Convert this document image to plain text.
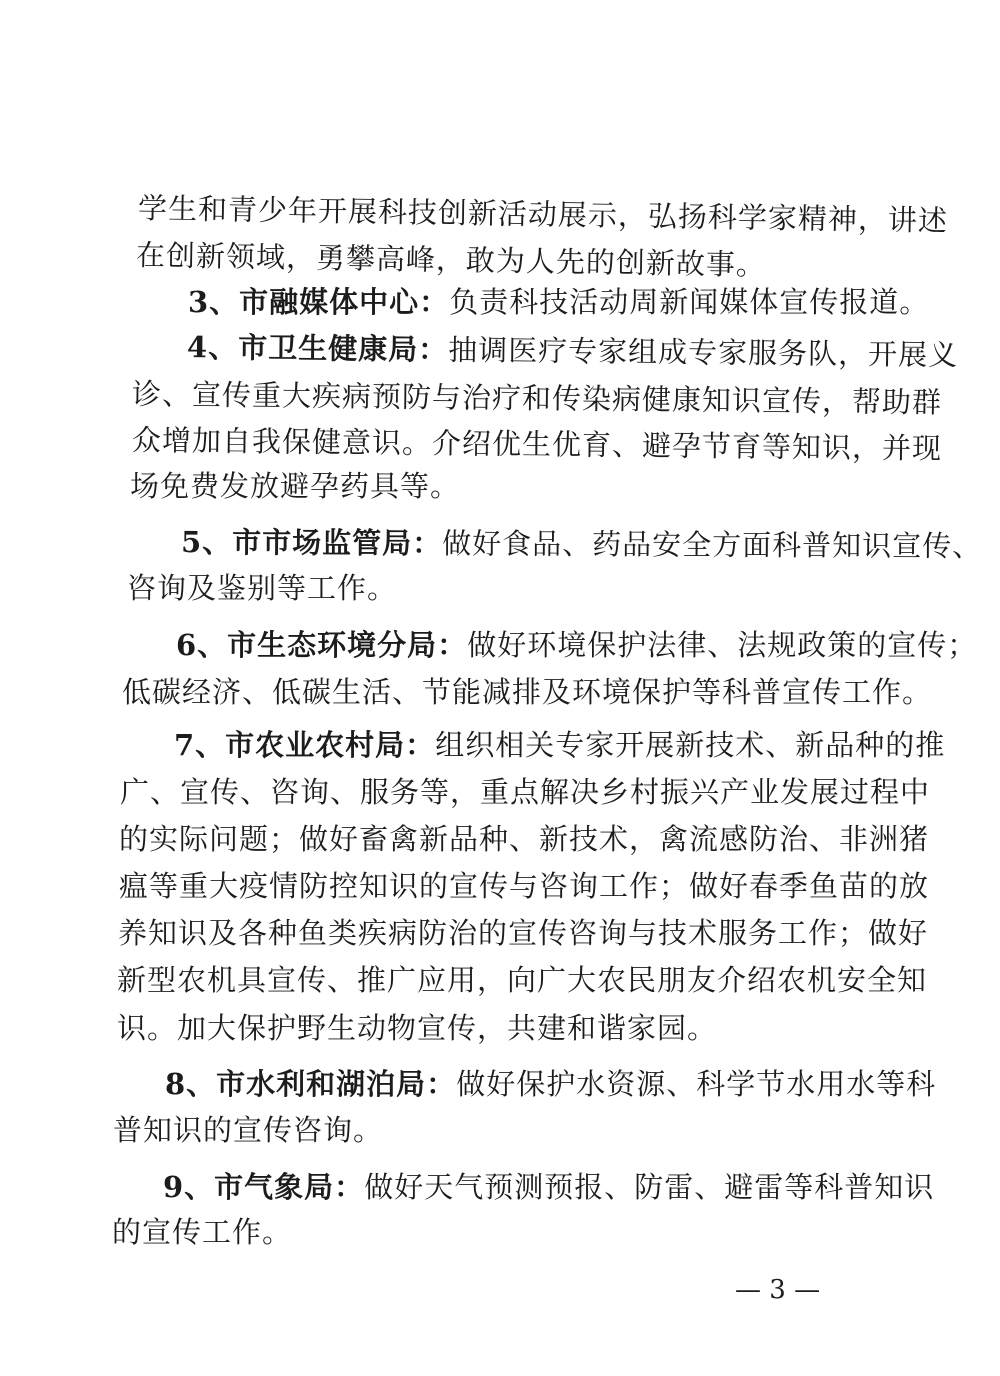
学生和青少年开展科技创新活动展示，弘扬科学家精神，讲述
在创新领域，勇攀高峰，敢为人先的创新故事。
3、市融媒体中心：负责科技活动周新闻媒体宣传报道。
4、市卫生健康局：抽调医疗专家组成专家服务队，开展义
诊、宣传重大疾病预防与治疗和传染病健康知识宣传，帮助群
众增加自我保健意识。介绍优生优育、避孕节育等知识，并现
场免费发放避孕药具等。
5、市市场监管局：做好食品、药品安全方面科普知识宣传、
咨询及鉴别等工作。
6、市生态环境分局：做好环境保护法律、法规政策的宣传；
低碳经济、低碳生活、节能减排及环境保护等科普宣传工作。
7、市农业农村局：组织相关专家开展新技术、新品种的推
广、宣传、咨询、服务等，重点解决乡村振兴产业发展过程中
的实际问题；做好畜禽新品种、新技术，禽流感防治、非洲猪
瘟等重大疫情防控知识的宣传与咨询工作；做好春季鱼苗的放
养知识及各种鱼类疾病防治的宣传咨询与技术服务工作；做好
新型农机具宣传、推广应用，向广大农民朋友介绍农机安全知
识。加大保护野生动物宣传，共建和谐家园。
8、市水利和湖泊局：做好保护水资源、科学节水用水等科
普知识的宣传咨询。
9、市气象局：做好天气预测预报、防雷、避雷等科普知识
的宣传工作。
— 3 —
